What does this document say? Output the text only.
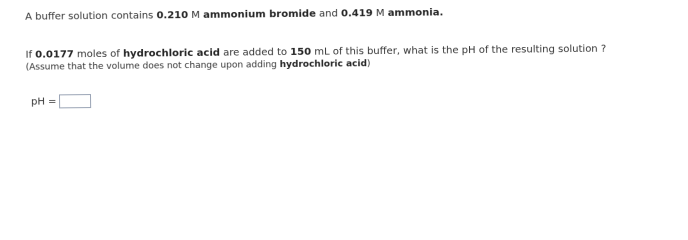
A buffer solution contains 0.210 M ammonium bromide and 0.419 M ammonia.
If 0.0177 moles of hydrochloric acid are added to 150 mL of this buffer, what is the pH of the resulting solution ?
(Assume that the volume does not change upon adding hydrochloric acid)
pH =
